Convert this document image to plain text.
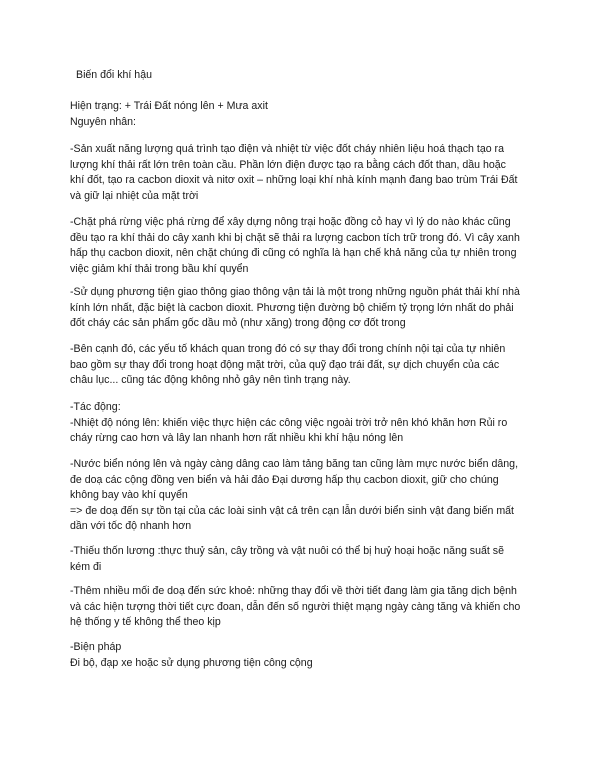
Biến đổi khí hậu

Hiện trạng: + Trái Đất nóng lên + Mưa axit

Nguyên nhân:

-Sản xuất năng lượng quá trình tạo điện và nhiệt từ việc đốt cháy nhiên liệu hoá thạch tạo ra

lượng khí thải rất lớn trên toàn cầu. Phần lớn điện được tạo ra bằng cách đốt than, dầu hoặc

khí đốt, tạo ra cacbon dioxit và nitơ oxit – những loại khí nhà kính mạnh đang bao trùm Trái Đất

và giữ lại nhiệt của mặt trời

-Chặt phá rừng việc phá rừng để xây dựng nông trại hoặc đồng cỏ hay vì lý do nào khác cũng

đều tạo ra khí thải do cây xanh khi bị chặt sẽ thải ra lượng cacbon tích trữ trong đó. Vì cây xanh

hấp thụ cacbon dioxit, nên chặt chúng đi cũng có nghĩa là hạn chế khả năng của tự nhiên trong

việc giảm khí thải trong bầu khí quyển

-Sử dụng phương tiện giao thông giao thông vận tải là một trong những nguồn phát thải khí nhà

kính lớn nhất, đặc biệt là cacbon dioxit. Phương tiện đường bộ chiếm tỷ trọng lớn nhất do phải

đốt cháy các sản phẩm gốc dầu mỏ (như xăng) trong động cơ đốt trong

-Bên cạnh đó, các yếu tố khách quan trong đó có sự thay đổi trong chính nội tại của tự nhiên

bao gồm sự thay đổi trong hoạt động mặt trời, của quỹ đạo trái đất, sự dịch chuyển của các

châu lục... cũng tác động không nhỏ gây nên tình trạng này.

-Tác động:

-Nhiệt độ nóng lên: khiến việc thực hiện các công việc ngoài trời trở nên khó khăn hơn Rủi ro

cháy rừng cao hơn và lây lan nhanh hơn rất nhiều khi khí hậu nóng lên

-Nước biển nóng lên và ngày càng dâng cao làm tảng băng tan cũng làm mực nước biển dâng,

đe doạ các cộng đồng ven biển và hải đảo Đại dương hấp thụ cacbon dioxit, giữ cho chúng

không bay vào khí quyển

=> đe doạ đến sự tồn tại của các loài sinh vật cả trên cạn lẫn dưới biển sinh vật đang biến mất

dần với tốc độ nhanh hơn

-Thiếu thốn lương :thực thuỷ sản, cây trồng và vật nuôi có thể bị huỷ hoại hoặc năng suất sẽ

kém đi

-Thêm nhiều mối đe doạ đến sức khoẻ: những thay đổi về thời tiết đang làm gia tăng dịch bệnh

và các hiện tượng thời tiết cực đoan, dẫn đến số người thiệt mạng ngày càng tăng và khiến cho

hệ thống y tế không thể theo kịp

-Biện pháp

Đi bộ, đạp xe hoặc sử dụng phương tiện công cộng
